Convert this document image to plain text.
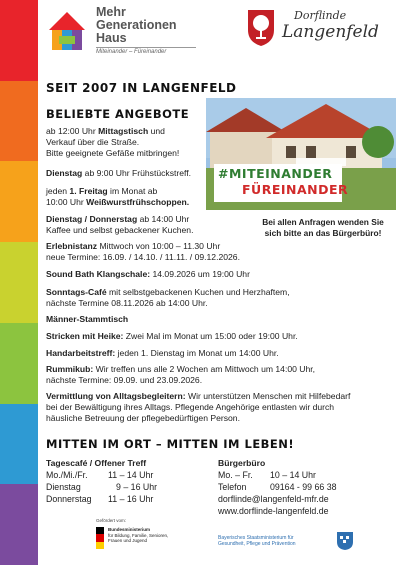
Mehr
Generationen
Haus
Miteinander – Füreinander
Dorflinde
Langenfeld
SEIT 2007 IN LANGENFELD
#MITEINANDER
FÜREINANDER
Bei allen Anfragen wenden Sie
sich bitte an das Bürgerbüro!
BELIEBTE ANGEBOTE

ab 12:00 Uhr Mittagstisch und

Verkauf über die Straße.

Bitte geeignete Gefäße mitbringen!

Dienstag ab 9:00 Uhr Frühstückstreff.

jeden 1. Freitag im Monat ab

10:00 Uhr Weißwurstfrühschoppen.

Dienstag / Donnerstag ab 14:00 Uhr

Kaffee und selbst gebackener Kuchen.

Erlebnistanz Mittwoch von 10:00 – 11.30 Uhr

neue Termine: 16.09. / 14.10. / 11.11. / 09.12.2026.

Sound Bath Klangschale: 14.09.2026 um 19:00 Uhr

Sonntags-Café mit selbstgebackenen Kuchen und Herzhaftem,

nächste Termine 08.11.2026 ab 14:00 Uhr.

Männer-Stammtisch

Stricken mit Heike: Zwei Mal im Monat um 15:00 oder 19:00 Uhr.

Handarbeitstreff: jeden 1. Dienstag im Monat um 14:00 Uhr.

Rummikub: Wir treffen uns alle 2 Wochen am Mittwoch um 14:00 Uhr,

nächste Termine: 09.09. und 23.09.2026.

Vermittlung von Alltagsbegleitern: Wir unterstützen Menschen mit Hilfebedarf

bei der Bewältigung ihres Alltags. Pflegende Angehörige entlasten wir durch

häusliche Betreuung der pflegebedürftigen Person.

MITTEN IM ORT – MITTEN IM LEBEN!
Tagescafé / Offener Treff
Mo./Mi./Fr.	11 – 14 Uhr
Dienstag	9 – 16 Uhr
Donnerstag	11 – 16 Uhr
Bürgerbüro
Mo. – Fr.	10 – 14 Uhr
Telefon	09164 - 99 66 38
dorflinde@langenfeld-mfr.de
www.dorflinde-langenfeld.de
Gefördert vom:
Bundesministerium
für Bildung, Familie, Senioren,
Frauen und Jugend	Bayerisches Staatsministerium für
Gesundheit, Pflege und Prävention
